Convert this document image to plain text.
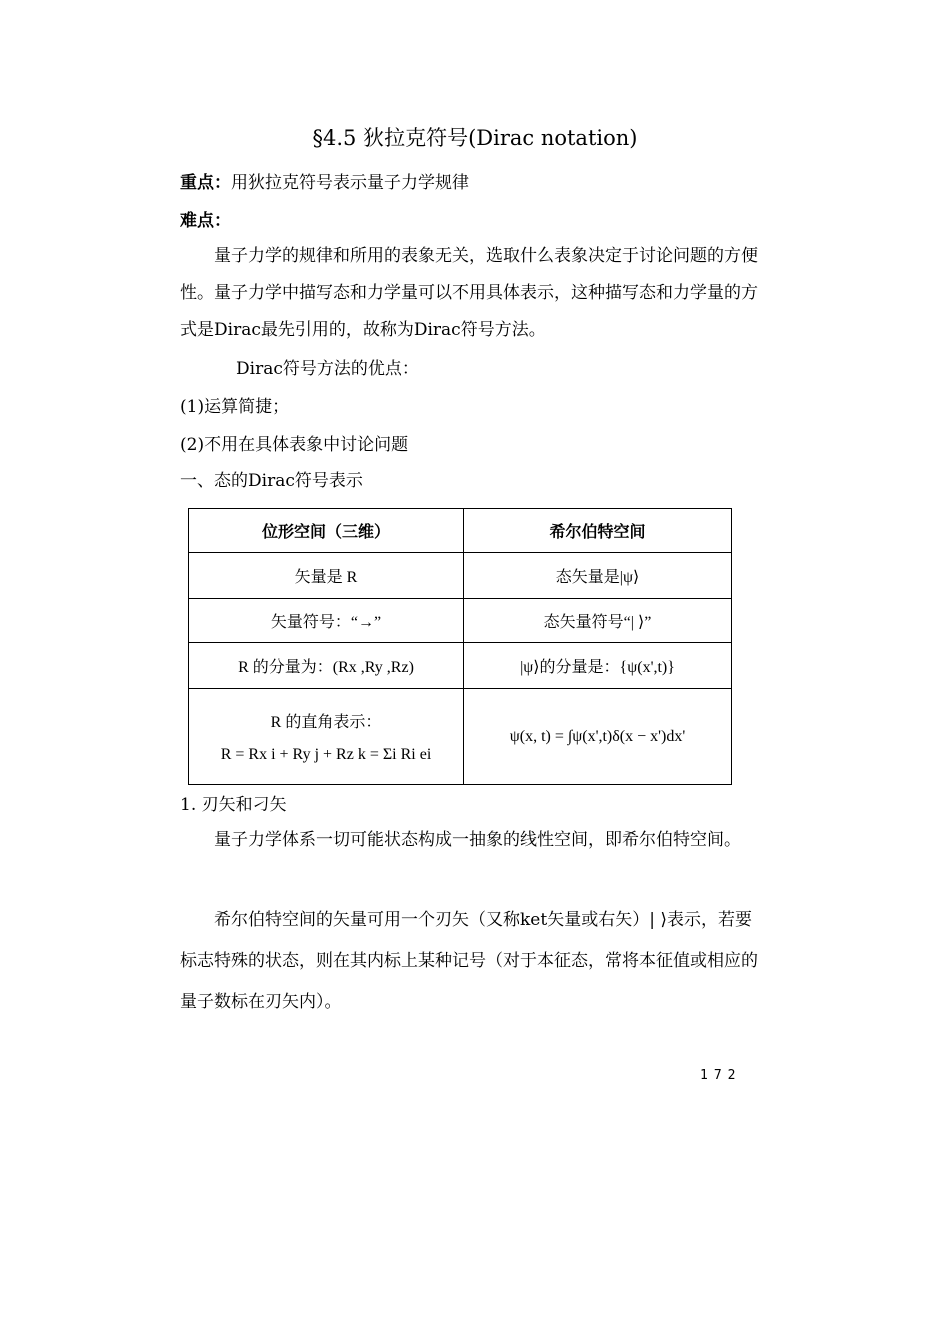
§4.5 狄拉克符号(Dirac notation)
重点：用狄拉克符号表示量子力学规律
难点：
量子力学的规律和所用的表象无关，选取什么表象决定于讨论问题的方便性。量子力学中描写态和力学量可以不用具体表示，这种描写态和力学量的方式是Dirac最先引用的，故称为Dirac符号方法。
Dirac符号方法的优点：
(1)运算简捷；
(2)不用在具体表象中讨论问题
一、态的Dirac符号表示
位形空间（三维）	希尔伯特空间
矢量是 R	态矢量是|ψ⟩
矢量符号：“→”	态矢量符号“| ⟩”
R 的分量为：(Rx ,Ry ,Rz)	|ψ⟩的分量是：{ψ(x',t)}

R 的直角表示：
R = Rx i + Ry j + Rz k = Σi Ri ei	ψ(x, t) = ∫ψ(x',t)δ(x − x')dx'
1. 刃矢和刁矢
量子力学体系一切可能状态构成一抽象的线性空间，即希尔伯特空间。
希尔伯特空间的矢量可用一个刃矢（又称ket矢量或右矢）| ⟩表示，若要标志特殊的状态，则在其内标上某种记号（对于本征态，常将本征值或相应的量子数标在刃矢内）。
172
